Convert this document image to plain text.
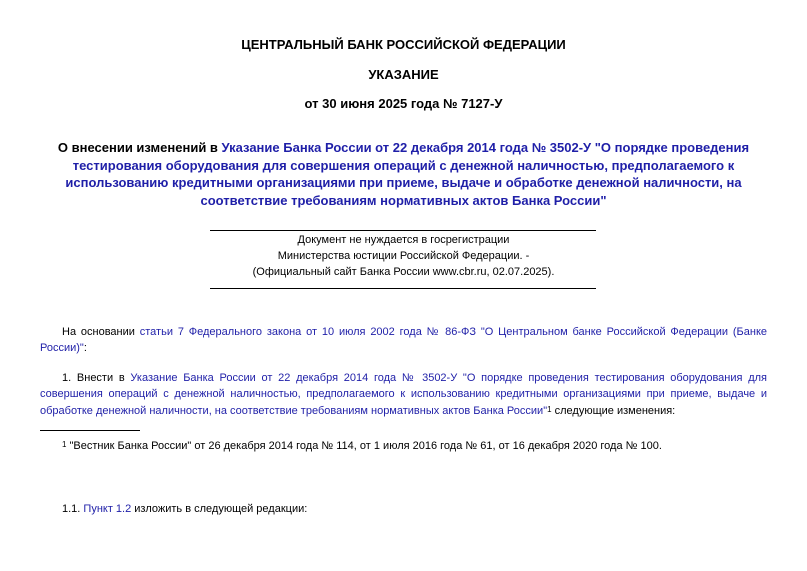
ЦЕНТРАЛЬНЫЙ БАНК РОССИЙСКОЙ ФЕДЕРАЦИИ
УКАЗАНИЕ
от 30 июня 2025 года № 7127-У
О внесении изменений в Указание Банка России от 22 декабря 2014 года № 3502-У "О порядке проведения тестирования оборудования для совершения операций с денежной наличностью, предполагаемого к использованию кредитными организациями при приеме, выдаче и обработке денежной наличности, на соответствие требованиям нормативных актов Банка России"
Документ не нуждается в госрегистрации
Министерства юстиции Российской Федерации. -
(Официальный сайт Банка России www.cbr.ru, 02.07.2025).
На основании статьи 7 Федерального закона от 10 июля 2002 года № 86-ФЗ "О Центральном банке Российской Федерации (Банке России)":
1. Внести в Указание Банка России от 22 декабря 2014 года № 3502-У "О порядке проведения тестирования оборудования для совершения операций с денежной наличностью, предполагаемого к использованию кредитными организациями при приеме, выдаче и обработке денежной наличности, на соответствие требованиям нормативных актов Банка России"1 следующие изменения:
1 "Вестник Банка России" от 26 декабря 2014 года № 114, от 1 июля 2016 года № 61, от 16 декабря 2020 года № 100.
1.1. Пункт 1.2 изложить в следующей редакции:
